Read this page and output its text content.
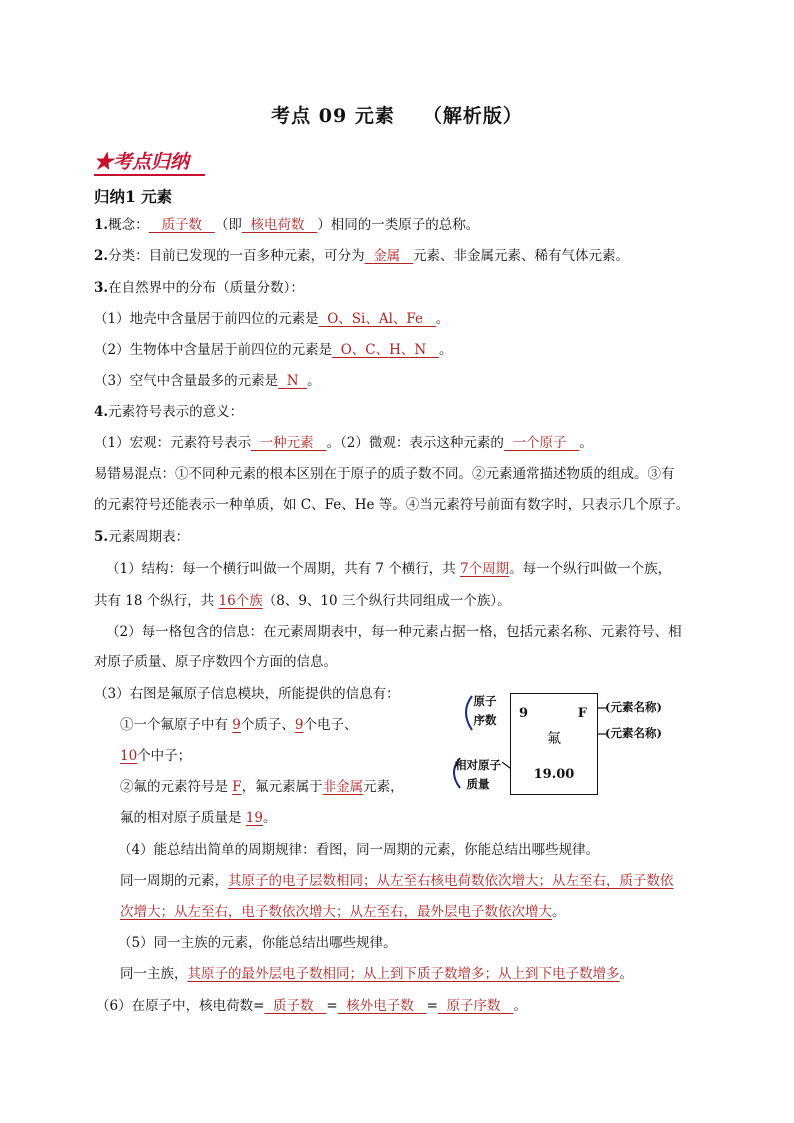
考点 09 元素 （解析版）
★考点归纳
归纳1 元素
1.概念： 质子数 （即 核电荷数 ）相同的一类原子的总称。
2.分类：目前已发现的一百多种元素，可分为 金属 元素、非金属元素、稀有气体元素。
3.在自然界中的分布（质量分数）：
（1）地壳中含量居于前四位的元素是 O、Si、Al、Fe 。
（2）生物体中含量居于前四位的元素是 O、C、H、N 。
（3）空气中含量最多的元素是 N 。
4.元素符号表示的意义：
（1）宏观：元素符号表示 一种元素 。（2）微观：表示这种元素的 一个原子 。
易错易混点：①不同种元素的根本区别在于原子的质子数不同。②元素通常描述物质的组成。③有
的元素符号还能表示一种单质，如 C、Fe、He 等。④当元素符号前面有数字时，只表示几个原子。
5.元素周期表：
（1）结构：每一个横行叫做一个周期，共有 7 个横行，共 7个周期。每一个纵行叫做一个族，
共有 18 个纵行，共 16个族（8、9、10 三个纵行共同组成一个族）。
（2）每一格包含的信息：在元素周期表中，每一种元素占据一格，包括元素名称、元素符号、相
对原子质量、原子序数四个方面的信息。
（3）右图是氟原子信息模块，所能提供的信息有：
①一个氟原子中有 9个质子、9个电子、
10个中子；
②氟的元素符号是 F，氟元素属于非金属元素，
氟的相对原子质量是 19。
原子
序数
相对原子
质量
9	F
氟
19.00
(元素名称)
(元素名称)
（4）能总结出简单的周期规律：看图，同一周期的元素，你能总结出哪些规律。
同一周期的元素，其原子的电子层数相同；从左至右核电荷数依次增大；从左至右，质子数依
次增大；从左至右，电子数依次增大；从左至右，最外层电子数依次增大。
（5）同一主族的元素，你能总结出哪些规律。
同一主族，其原子的最外层电子数相同；从上到下质子数增多；从上到下电子数增多。
（6）在原子中，核电荷数= 质子数 = 核外电子数 = 原子序数 。
